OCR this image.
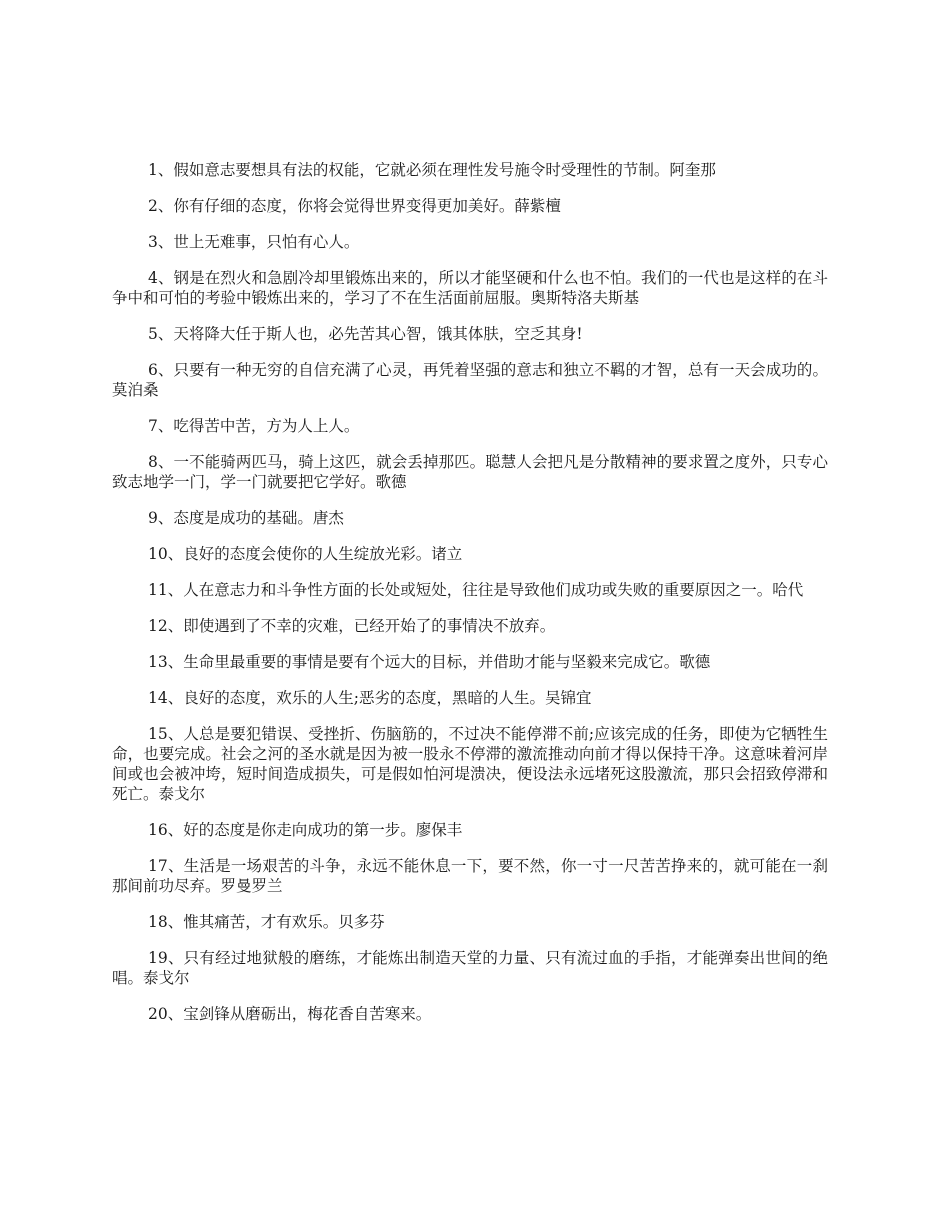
1、假如意志要想具有法的权能，它就必须在理性发号施令时受理性的节制。阿奎那

2、你有仔细的态度，你将会觉得世界变得更加美好。薛紫檀

3、世上无难事，只怕有心人。

4、钢是在烈火和急剧冷却里锻炼出来的，所以才能坚硬和什么也不怕。我们的一代也是这样的在斗争中和可怕的考验中锻炼出来的，学习了不在生活面前屈服。奥斯特洛夫斯基

5、天将降大任于斯人也，必先苦其心智，饿其体肤，空乏其身!

6、只要有一种无穷的自信充满了心灵，再凭着坚强的意志和独立不羁的才智，总有一天会成功的。莫泊桑

7、吃得苦中苦，方为人上人。

8、一不能骑两匹马，骑上这匹，就会丢掉那匹。聪慧人会把凡是分散精神的要求置之度外，只专心致志地学一门，学一门就要把它学好。歌德

9、态度是成功的基础。唐杰

10、良好的态度会使你的人生绽放光彩。诸立

11、人在意志力和斗争性方面的长处或短处，往往是导致他们成功或失败的重要原因之一。哈代

12、即使遇到了不幸的灾难，已经开始了的事情决不放弃。

13、生命里最重要的事情是要有个远大的目标，并借助才能与坚毅来完成它。歌德

14、良好的态度，欢乐的人生;恶劣的态度，黑暗的人生。吴锦宜

15、人总是要犯错误、受挫折、伤脑筋的，不过决不能停滞不前;应该完成的任务，即使为它牺牲生命，也要完成。社会之河的圣水就是因为被一股永不停滞的激流推动向前才得以保持干净。这意味着河岸间或也会被冲垮，短时间造成损失，可是假如怕河堤溃决，便设法永远堵死这股激流，那只会招致停滞和死亡。泰戈尔

16、好的态度是你走向成功的第一步。廖保丰

17、生活是一场艰苦的斗争，永远不能休息一下，要不然，你一寸一尺苦苦挣来的，就可能在一刹那间前功尽弃。罗曼罗兰

18、惟其痛苦，才有欢乐。贝多芬

19、只有经过地狱般的磨练，才能炼出制造天堂的力量、只有流过血的手指，才能弹奏出世间的绝唱。泰戈尔

20、宝剑锋从磨砺出，梅花香自苦寒来。
